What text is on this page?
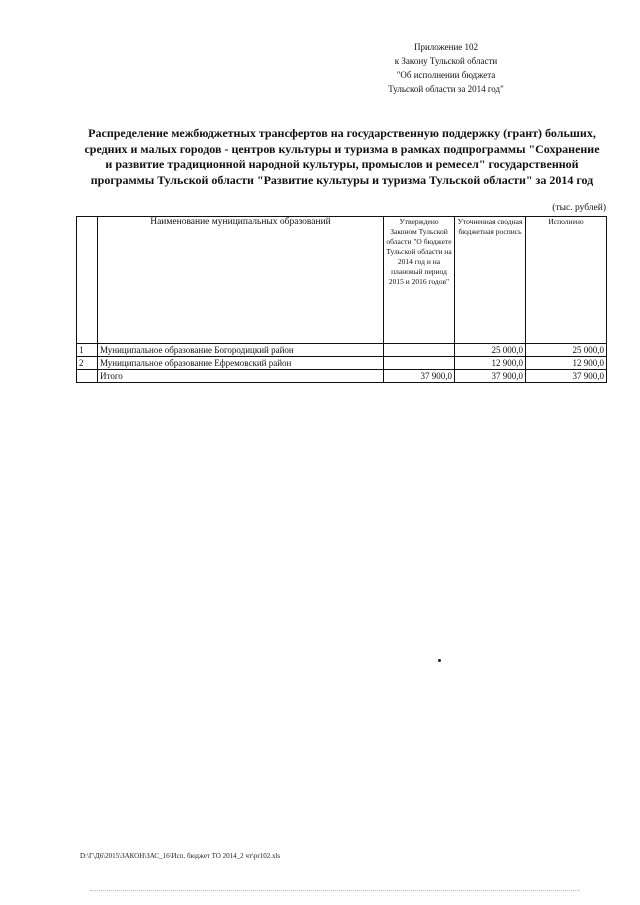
Приложение 102
к Закону Тульской области
"Об исполнении бюджета
Тульской области за 2014 год"
Распределение межбюджетных трансфертов на государственную поддержку (грант) больших, средних и малых городов - центров культуры и туризма в рамках подпрограммы "Сохранение и развитие традиционной народной культуры, промыслов и ремесел" государственной программы Тульской области "Развитие культуры и туризма Тульской области" за 2014 год
(тыс. рублей)
	Наименование муниципальных образований	Утверждено Законом Тульской области "О бюджете Тульской области на 2014 год и на плановый период 2015 и 2016 годов"	Уточненная сводная бюджетная роспись	Исполнено
1	Муниципальное образование Богородицкий район		25 000,0	25 000,0
2	Муниципальное образование Ефремовский район		12 900,0	12 900,0
	Итого	37 900,0	37 900,0	37 900,0
D:\Г\Д6\2015\ЗАКОН\ЗАС_16\Исп. бюджет ТО 2014_2 чт\pr102.xls
